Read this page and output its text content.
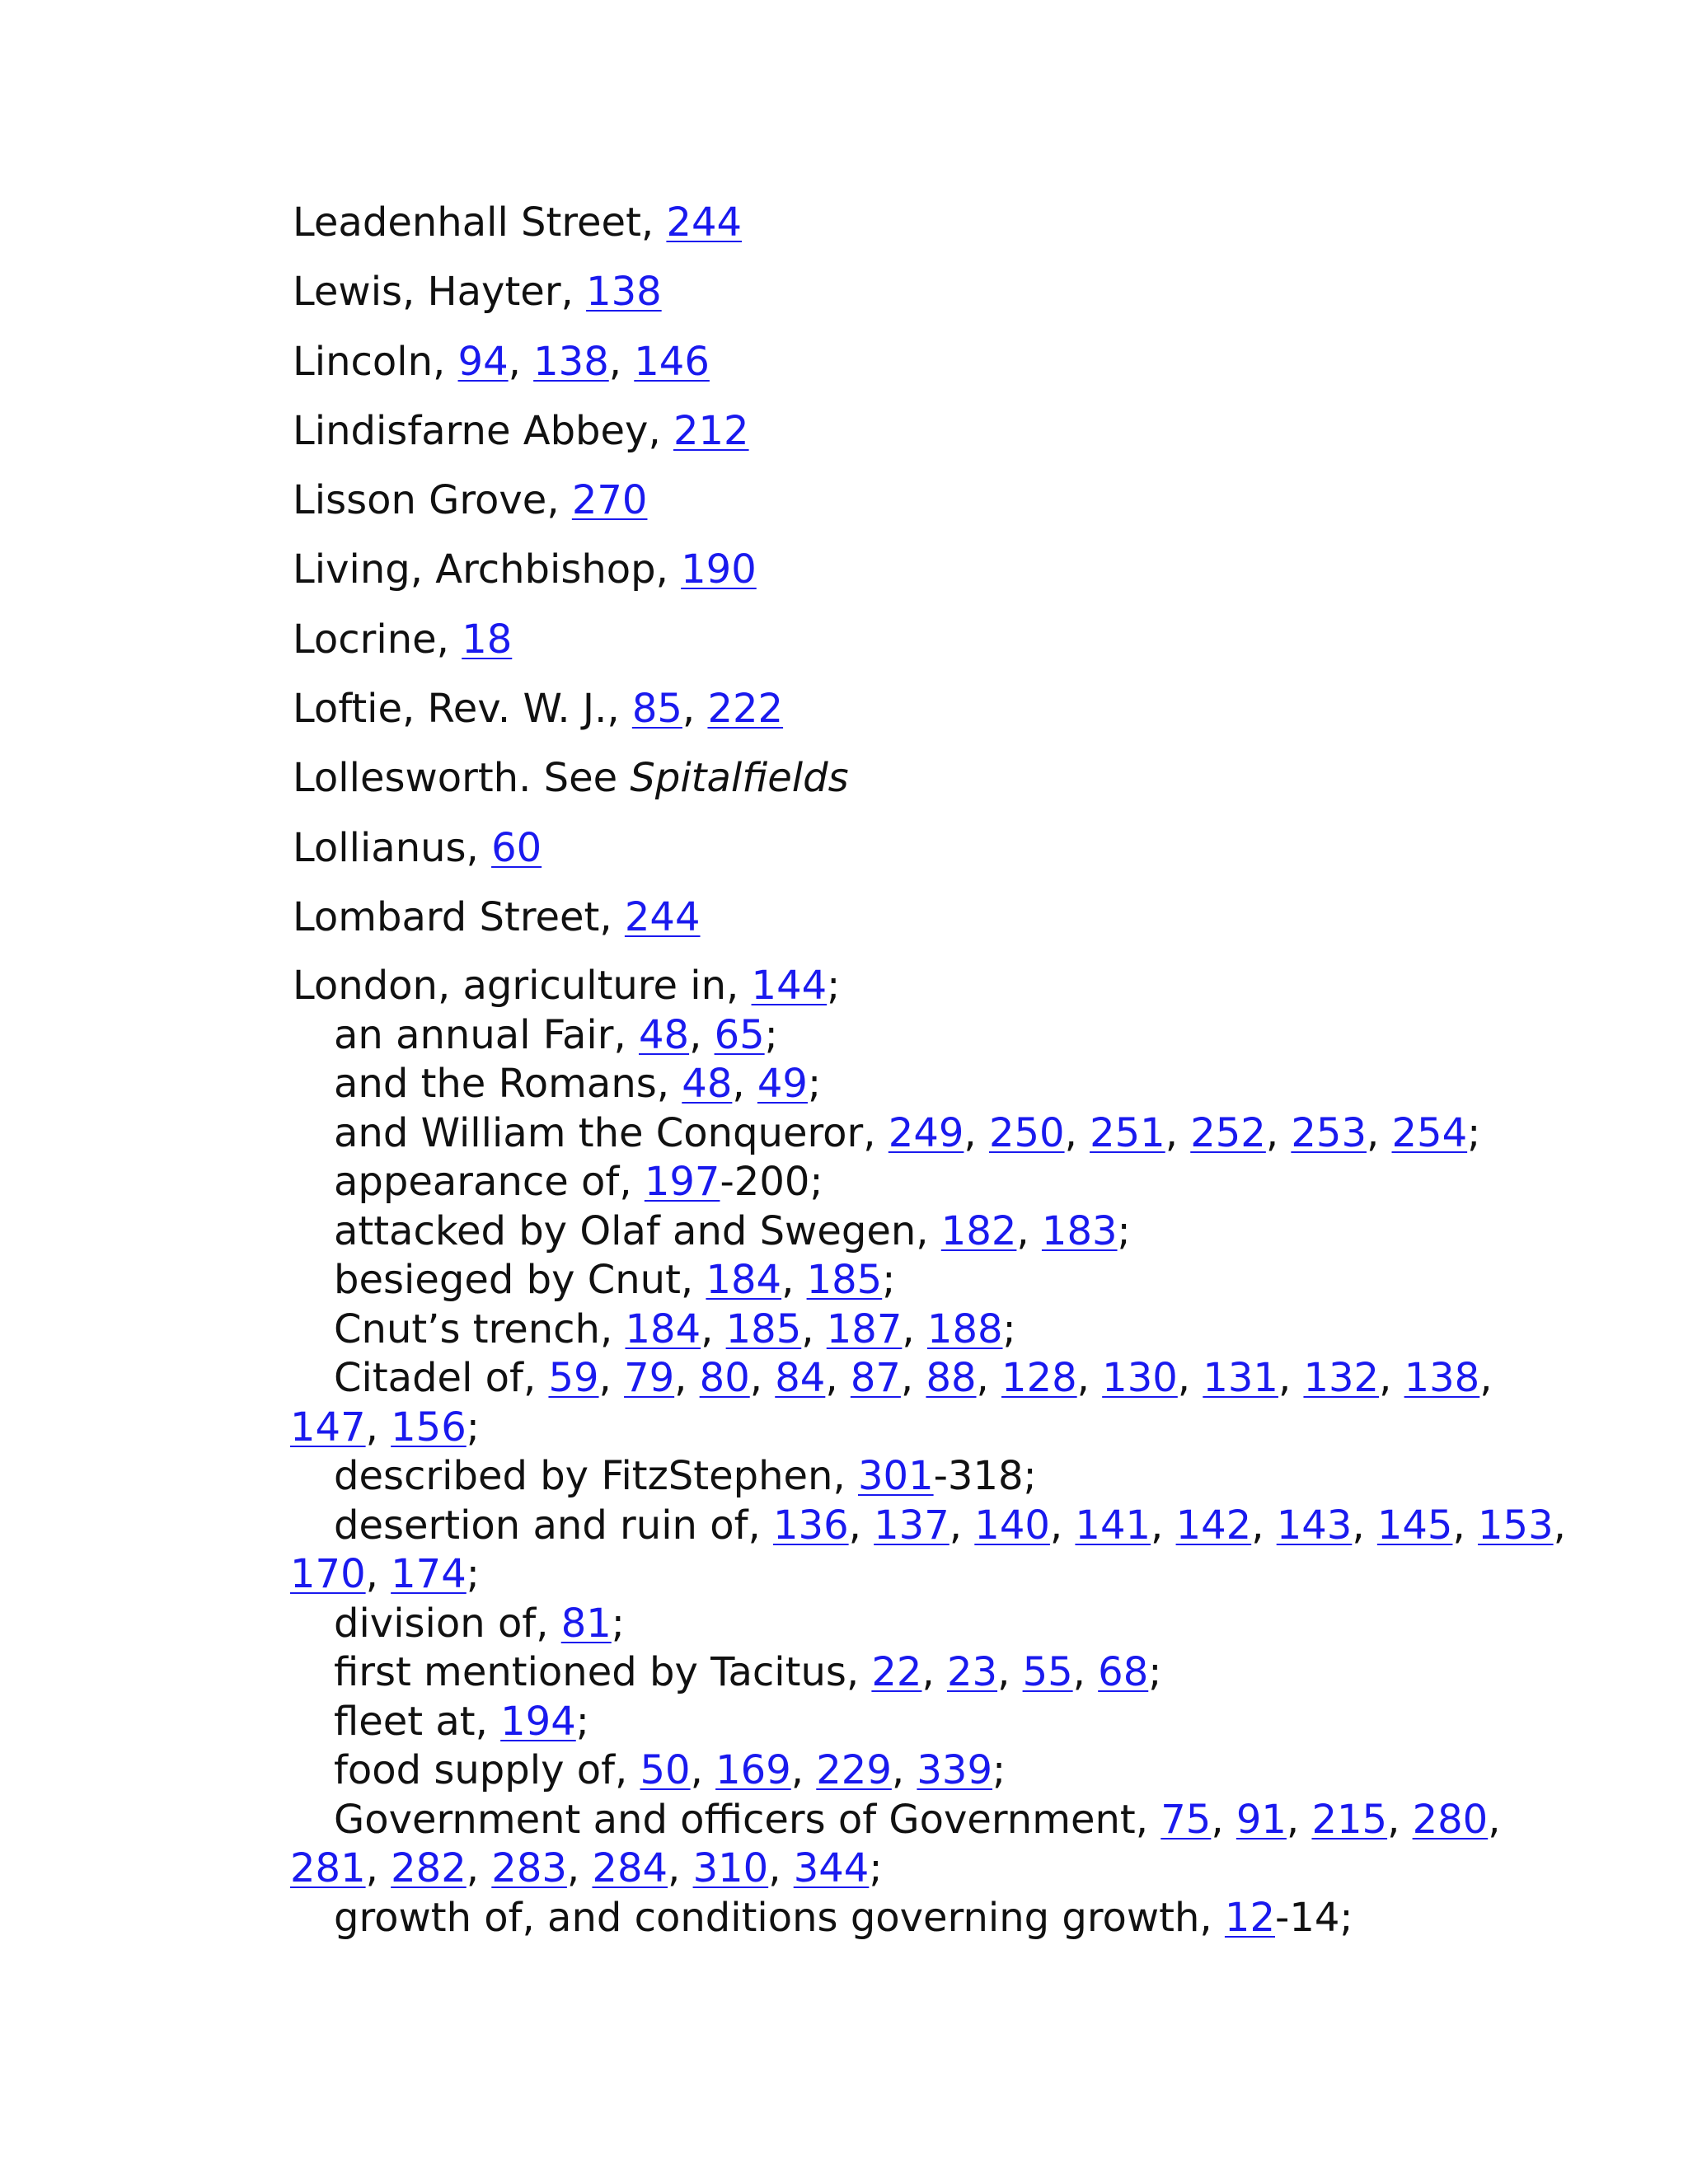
Leadenhall Street, 244
Lewis, Hayter, 138
Lincoln, 94, 138, 146
Lindisfarne Abbey, 212
Lisson Grove, 270
Living, Archbishop, 190
Locrine, 18
Loftie, Rev. W. J., 85, 222
Lollesworth. See Spitalfields
Lollianus, 60
Lombard Street, 244
London, agriculture in, 144;
an annual Fair, 48, 65;
and the Romans, 48, 49;
and William the Conqueror, 249, 250, 251, 252, 253, 254;
appearance of, 197-200;
attacked by Olaf and Swegen, 182, 183;
besieged by Cnut, 184, 185;
Cnut’s trench, 184, 185, 187, 188;
Citadel of, 59, 79, 80, 84, 87, 88, 128, 130, 131, 132, 138,
147, 156;
described by FitzStephen, 301-318;
desertion and ruin of, 136, 137, 140, 141, 142, 143, 145, 153,
170, 174;
division of, 81;
first mentioned by Tacitus, 22, 23, 55, 68;
fleet at, 194;
food supply of, 50, 169, 229, 339;
Government and officers of Government, 75, 91, 215, 280,
281, 282, 283, 284, 310, 344;
growth of, and conditions governing growth, 12-14;
